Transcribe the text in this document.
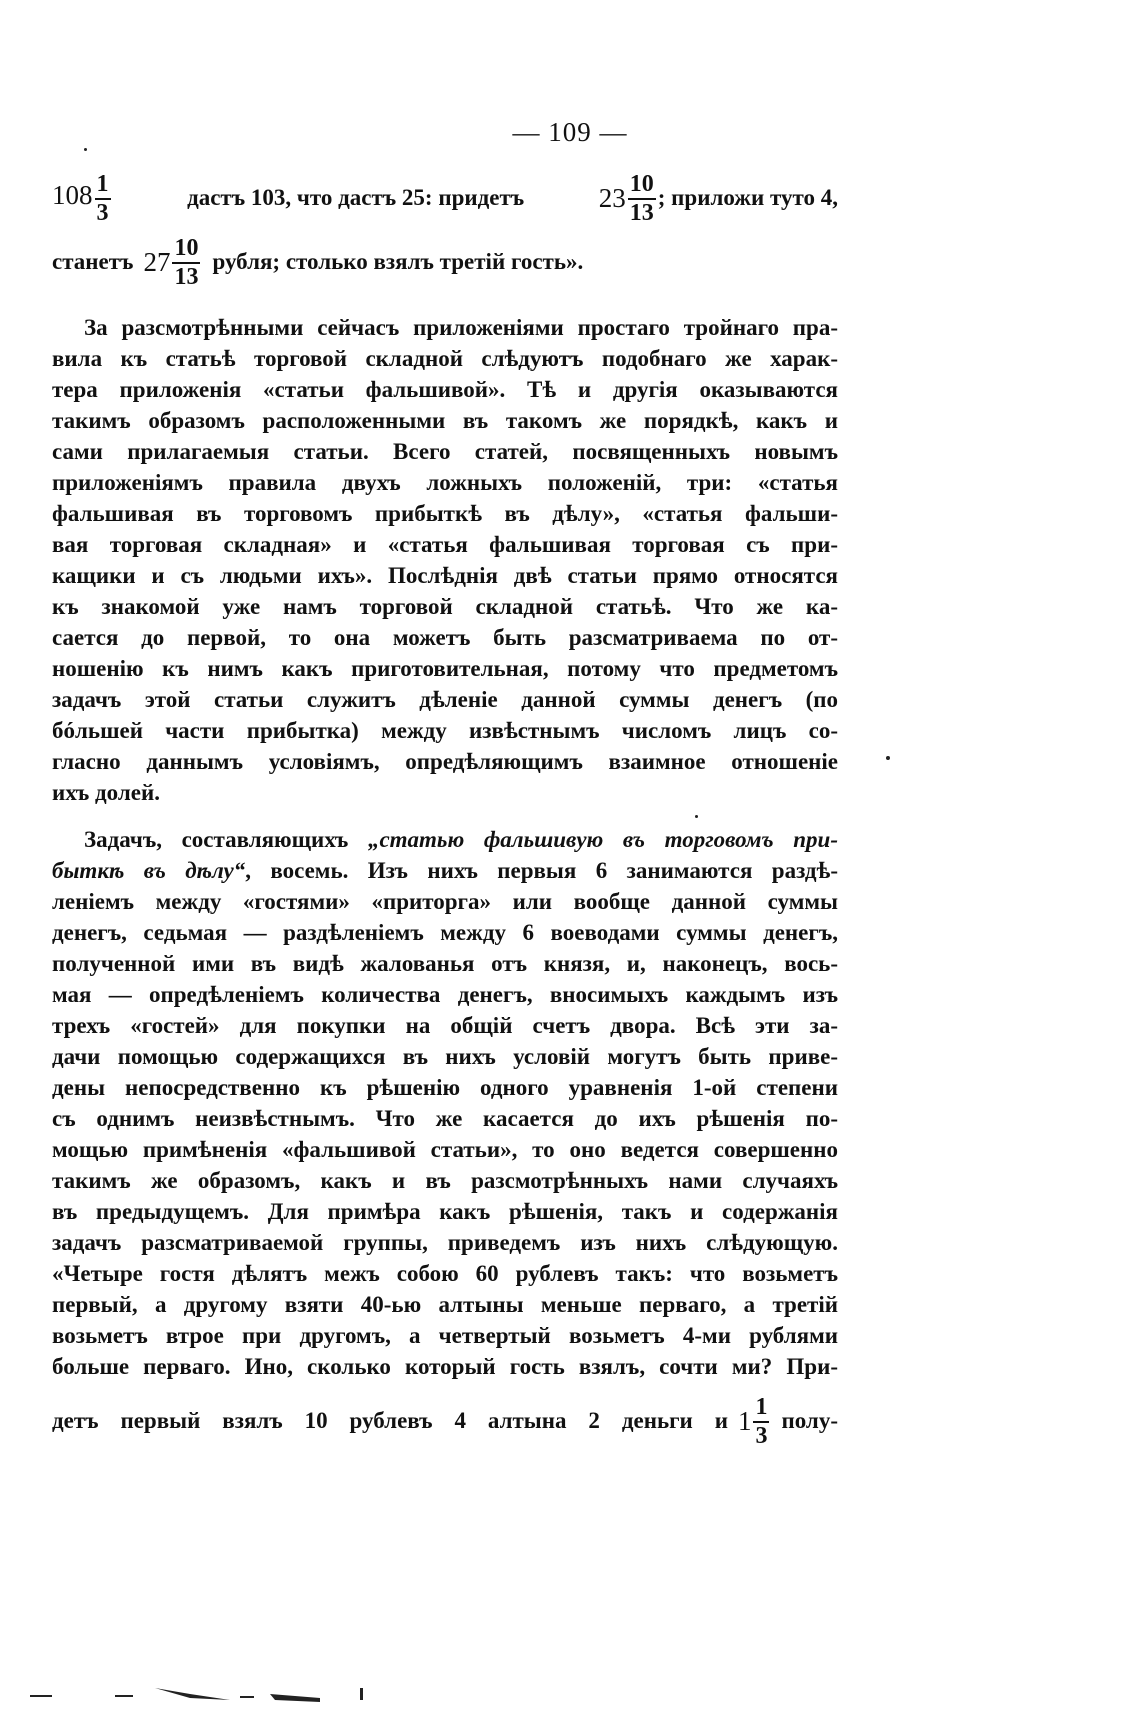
— 109 —
$108 \frac{1}{3}$	дастъ 103, что дастъ 25: придетъ	$23 \frac{10}{13}$ ; приложи туто 4,
станетъ $27 \frac{10}{13}$ рубля; столько взялъ третій гость».
За разсмотрѣнными сейчасъ приложеніями простаго тройнаго пра-
вила къ статьѣ торговой складной слѣдуютъ подобнаго же харак-
тера приложенія «статьи фальшивой». Тѣ и другія оказываются
такимъ образомъ расположенными въ такомъ же порядкѣ, какъ и
сами прилагаемыя статьи. Всего статей, посвященныхъ новымъ
приложеніямъ правила двухъ ложныхъ положеній, три: «статья
фальшивая въ торговомъ прибыткѣ въ дѣлу», «статья фальши-
вая торговая складная» и «статья фальшивая торговая съ при-
кащики и съ людьми ихъ». Послѣднія двѣ статьи прямо относятся
къ знакомой уже намъ торговой складной статьѣ. Что же ка-
сается до первой, то она можетъ быть разсматриваема по от-
ношенію къ нимъ какъ приготовительная, потому что предметомъ
задачъ этой статьи служитъ дѣленіе данной суммы денегъ (по
бóльшей части прибытка) между извѣстнымъ числомъ лицъ со-
гласно даннымъ условіямъ, опредѣляющимъ взаимное отношеніе
ихъ долей.
Задачъ, составляющихъ „статью фальшивую въ торговомъ при-
быткѣ въ дѣлу“, восемь. Изъ нихъ первыя 6 занимаются раздѣ-
леніемъ между «гостями» «приторга» или вообще данной суммы
денегъ, седьмая — раздѣленіемъ между 6 воеводами суммы денегъ,
полученной ими въ видѣ жалованья отъ князя, и, наконецъ, вось-
мая — опредѣленіемъ количества денегъ, вносимыхъ каждымъ изъ
трехъ «гостей» для покупки на общій счетъ двора. Всѣ эти за-
дачи помощью содержащихся въ нихъ условій могутъ быть приве-
дены непосредственно къ рѣшенію одного уравненія 1-ой степени
съ однимъ неизвѣстнымъ. Что же касается до ихъ рѣшенія по-
мощью примѣненія «фальшивой статьи», то оно ведется совершенно
такимъ же образомъ, какъ и въ разсмотрѣнныхъ нами случаяхъ
въ предыдущемъ. Для примѣра какъ рѣшенія, такъ и содержанія
задачъ разсматриваемой группы, приведемъ изъ нихъ слѣдующую.
«Четыре гостя дѣлятъ межъ собою 60 рублевъ такъ: что возьметъ
первый, а другому взяти 40-ью алтыны меньше перваго, а третій
возьметъ втрое при другомъ, а четвертый возьметъ 4-ми рублями
больше перваго. Ино, сколько который гость взялъ, сочти ми? При-
детъ первый взялъ 10 рублевъ 4 алтына 2 деньги и $1 \frac{1}{3}$ полу-
